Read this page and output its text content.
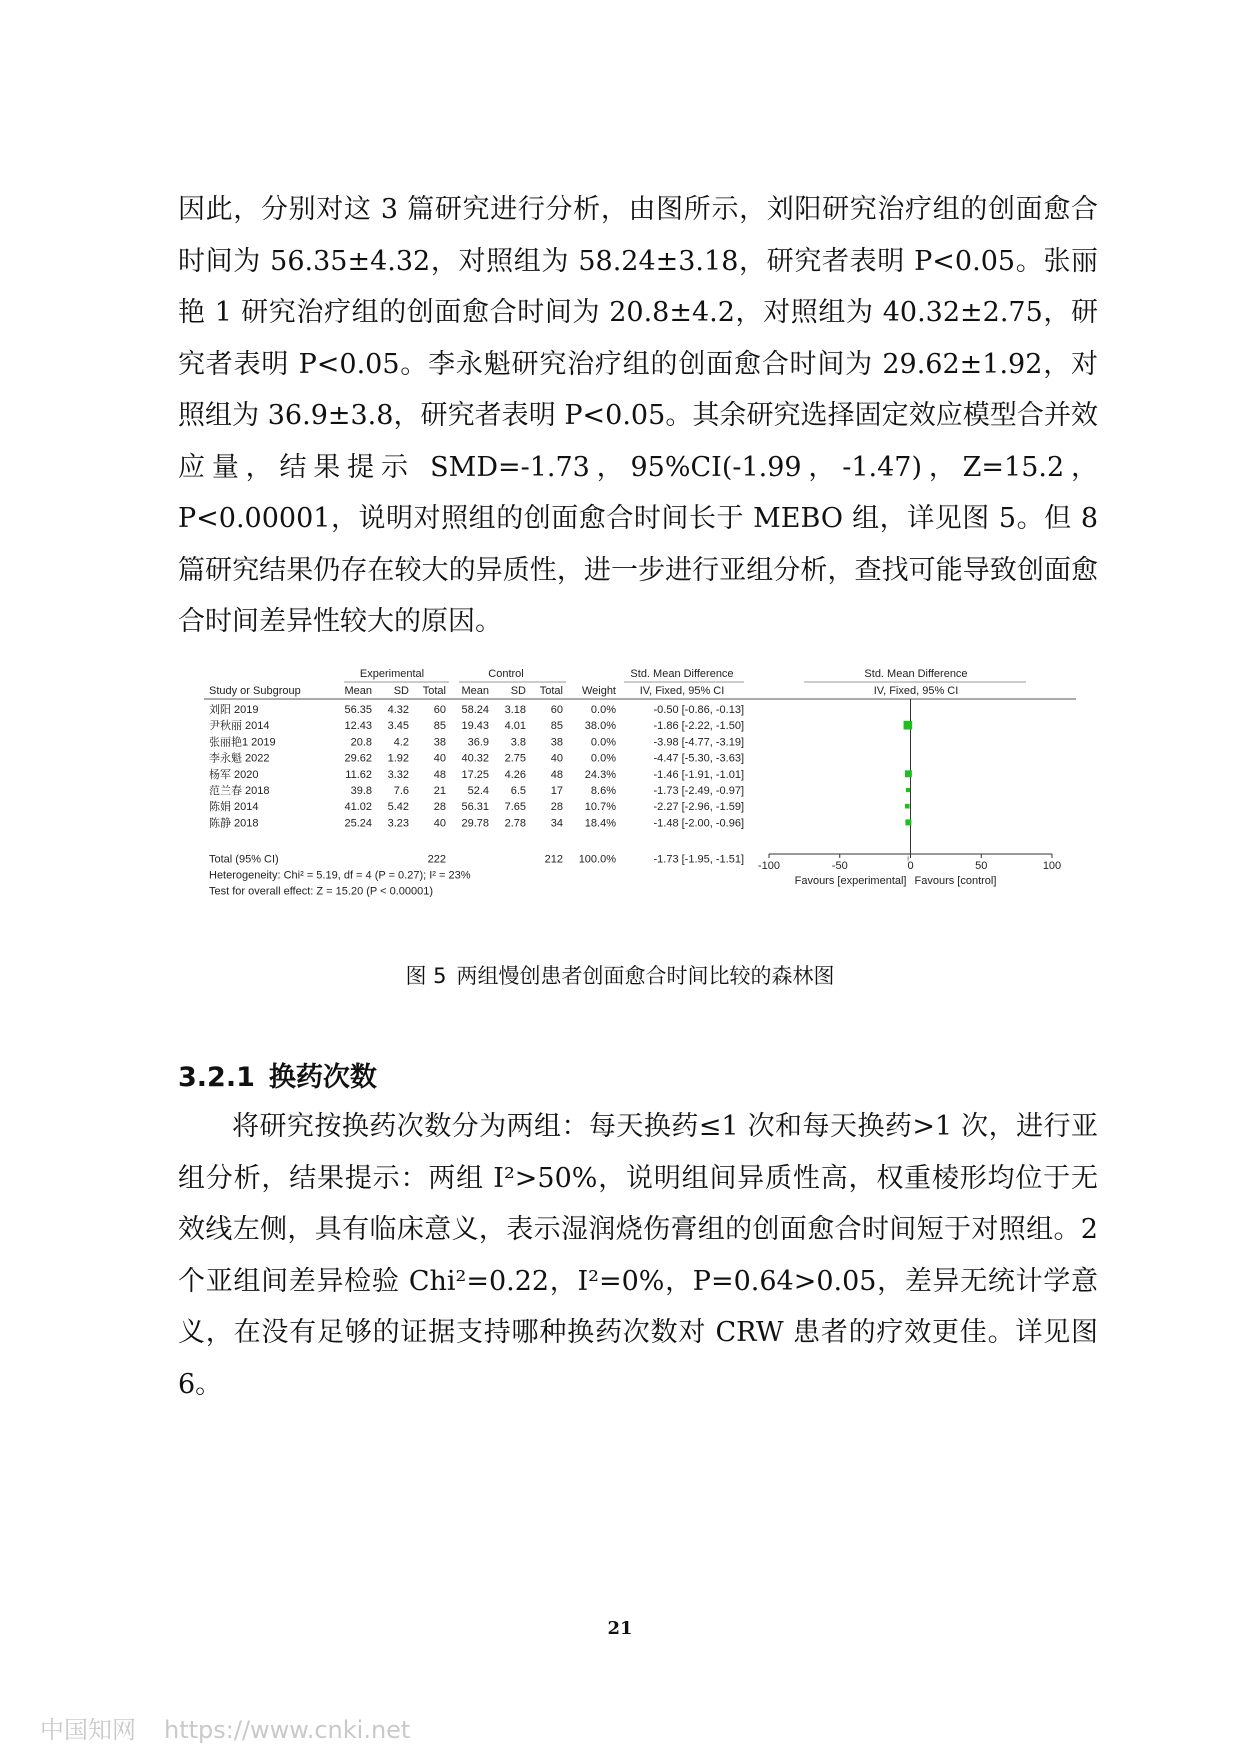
因此，分别对这 3 篇研究进行分析，由图所示，刘阳研究治疗组的创面愈合时间为 56.35±4.32，对照组为 58.24±3.18，研究者表明 P<0.05。张丽艳 1 研究治疗组的创面愈合时间为 20.8±4.2，对照组为 40.32±2.75，研究者表明 P<0.05。李永魁研究治疗组的创面愈合时间为 29.62±1.92，对照组为 36.9±3.8，研究者表明 P<0.05。其余研究选择固定效应模型合并效应量，结果提示 SMD=-1.73，95%CI(-1.99，-1.47)，Z=15.2，P<0.00001，说明对照组的创面愈合时间长于 MEBO 组，详见图 5。但 8 篇研究结果仍存在较大的异质性，进一步进行亚组分析，查找可能导致创面愈合时间差异性较大的原因。

Experimental	Control	Std. Mean Difference	Std. Mean Difference
Study or Subgroup	Mean SD Total Mean SD Total Weight IV, Fixed, 95% CI	IV, Fixed, 95% CI
刘阳 2019	56.35 4.32 60 58.24 3.18 60	0.0%	-0.50 [-0.86, -0.13]
尹秋丽 2014	12.43 3.45 85 19.43 4.01 85 38.0%	-1.86 [-2.22, -1.50]
张丽艳1 2019	20.8 4.2 38 36.9 3.8 38	0.0%	-3.98 [-4.77, -3.19]
李永魁 2022	29.62 1.92 40 40.32 2.75 40	0.0%	-4.47 [-5.30, -3.63]
杨军 2020	11.62 3.32 48 17.25 4.26 48 24.3%	-1.46 [-1.91, -1.01]
范兰春 2018	39.8 7.6 21 52.4 6.5 17	8.6%	-1.73 [-2.49, -0.97]
陈娟 2014	41.02 5.42 28 56.31 7.65 28 10.7%	-2.27 [-2.96, -1.59]
陈静 2018	25.24 3.23 40 29.78 2.78 34 18.4%	-1.48 [-2.00, -0.96]
Total (95% CI)	222	212 100.0%	-1.73 [-1.95, -1.51]
Heterogeneity: Chi² = 5.19, df = 4 (P = 0.27); I² = 23%
Test for overall effect: Z = 15.20 (P < 0.00001)
-100	-50	0	50	100
Favours [experimental] Favours [control]
图 5 两组慢创患者创面愈合时间比较的森林图
3.2.1 换药次数

将研究按换药次数分为两组：每天换药≤1 次和每天换药>1 次，进行亚组分析，结果提示：两组 I²>50%，说明组间异质性高，权重棱形均位于无效线左侧，具有临床意义，表示湿润烧伤膏组的创面愈合时间短于对照组。2 个亚组间差异检验 Chi²=0.22，I²=0%，P=0.64>0.05，差异无统计学意义，在没有足够的证据支持哪种换药次数对 CRW 患者的疗效更佳。详见图 6。

21
中国知网 https://www.cnki.net
